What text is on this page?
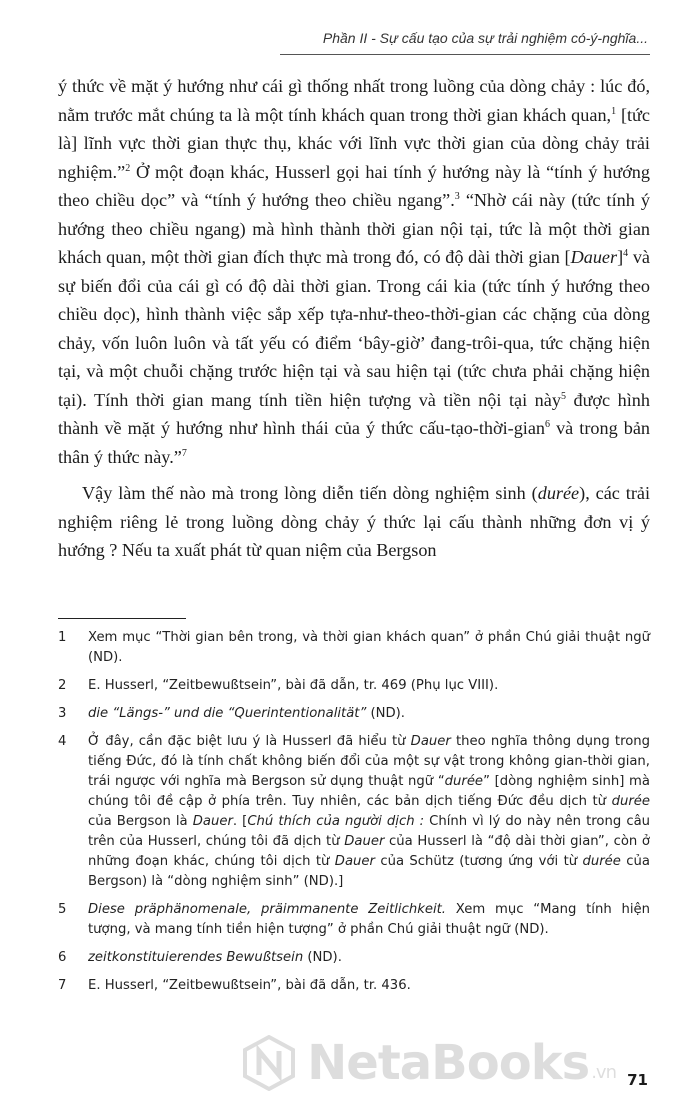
Phần II - Sự cấu tạo của sự trải nghiệm có-ý-nghĩa...

ý thức về mặt ý hướng như cái gì thống nhất trong luồng của dòng chảy : lúc đó, nằm trước mắt chúng ta là một tính khách quan trong thời gian khách quan,$^1$ [tức là] lĩnh vực thời gian thực thụ, khác với lĩnh vực thời gian của dòng chảy trải nghiệm.”$^2$ Ở một đoạn khác, Husserl gọi hai tính ý hướng này là “tính ý hướng theo chiều dọc” và “tính ý hướng theo chiều ngang”.$^3$ “Nhờ cái này (tức tính ý hướng theo chiều ngang) mà hình thành thời gian nội tại, tức là một thời gian khách quan, một thời gian đích thực mà trong đó, có độ dài thời gian [Dauer]$^4$ và sự biến đổi của cái gì có độ dài thời gian. Trong cái kia (tức tính ý hướng theo chiều dọc), hình thành việc sắp xếp tựa-như-theo-thời-gian các chặng của dòng chảy, vốn luôn luôn và tất yếu có điểm ‘bây-giờ’ đang-trôi-qua, tức chặng hiện tại, và một chuỗi chặng trước hiện tại và sau hiện tại (tức chưa phải chặng hiện tại). Tính thời gian mang tính tiền hiện tượng và tiền nội tại này$^5$ được hình thành về mặt ý hướng như hình thái của ý thức cấu-tạo-thời-gian$^6$ và trong bản thân ý thức này.”$^7$

Vậy làm thế nào mà trong lòng diễn tiến dòng nghiệm sinh (durée), các trải nghiệm riêng lẻ trong luồng dòng chảy ý thức lại cấu thành những đơn vị ý hướng ? Nếu ta xuất phát từ quan niệm của Bergson

1	Xem mục “Thời gian bên trong, và thời gian khách quan” ở phần Chú giải thuật ngữ (ND).
2	E. Husserl, “Zeitbewußtsein”, bài đã dẫn, tr. 469 (Phụ lục VIII).
3	die “Längs-” und die “Querintentionalität” (ND).
4	Ở đây, cần đặc biệt lưu ý là Husserl đã hiểu từ Dauer theo nghĩa thông dụng trong tiếng Đức, đó là tính chất không biến đổi của một sự vật trong không gian-thời gian, trái ngược với nghĩa mà Bergson sử dụng thuật ngữ “durée” [dòng nghiệm sinh] mà chúng tôi đề cập ở phía trên. Tuy nhiên, các bản dịch tiếng Đức đều dịch từ durée của Bergson là Dauer. [Chú thích của người dịch : Chính vì lý do này nên trong câu trên của Husserl, chúng tôi đã dịch từ Dauer của Husserl là “độ dài thời gian”, còn ở những đoạn khác, chúng tôi dịch từ Dauer của Schütz (tương ứng với từ durée của Bergson) là “dòng nghiệm sinh” (ND).]
5	Diese präphänomenale, präimmanente Zeitlichkeit. Xem mục “Mang tính hiện tượng, và mang tính tiền hiện tượng” ở phần Chú giải thuật ngữ (ND).
6	zeitkonstituierendes Bewußtsein (ND).
7	E. Husserl, “Zeitbewußtsein”, bài đã dẫn, tr. 436.
NetaBooks .vn 71
